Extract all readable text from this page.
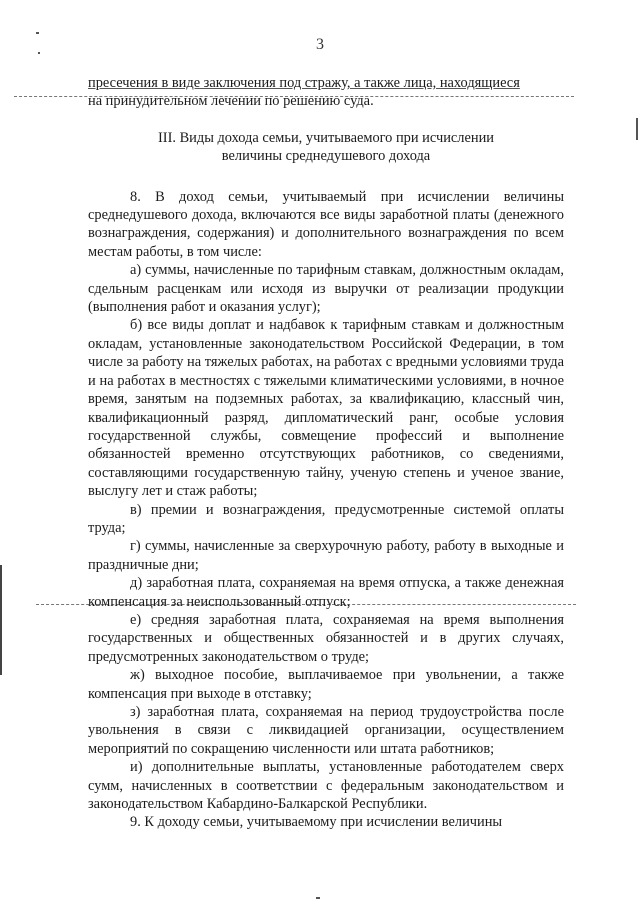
3

пресечения в виде заключения под стражу, а также лица, находящиеся

на принудительном лечении по решению суда.

III. Виды дохода семьи, учитываемого при исчислении
величины среднедушевого дохода

8. В доход семьи, учитываемый при исчислении величины среднедушевого дохода, включаются все виды заработной платы (денежного вознаграждения, содержания) и дополнительного вознаграждения по всем местам работы, в том числе:

а) суммы, начисленные по тарифным ставкам, должностным окладам, сдельным расценкам или исходя из выручки от реализации продукции (выполнения работ и оказания услуг);

б) все виды доплат и надбавок к тарифным ставкам и должностным окладам, установленные законодательством Российской Федерации, в том числе за работу на тяжелых работах, на работах с вредными условиями труда и на работах в местностях с тяжелыми климатическими условиями, в ночное время, занятым на подземных работах, за квалификацию, классный чин, квалификационный разряд, дипломатический ранг, особые условия государственной службы, совмещение профессий и выполнение обязанностей временно отсутствующих работников, со сведениями, составляющими государственную тайну, ученую степень и ученое звание, выслугу лет и стаж работы;

в) премии и вознаграждения, предусмотренные системой оплаты труда;

г) суммы, начисленные за сверхурочную работу, работу в выходные и праздничные дни;

д) заработная плата, сохраняемая на время отпуска, а также денежная компенсация за неиспользованный отпуск;

е) средняя заработная плата, сохраняемая на время выполнения государственных и общественных обязанностей и в других случаях, предусмотренных законодательством о труде;

ж) выходное пособие, выплачиваемое при увольнении, а также компенсация при выходе в отставку;

з) заработная плата, сохраняемая на период трудоустройства после увольнения в связи с ликвидацией организации, осуществлением мероприятий по сокращению численности или штата работников;

и) дополнительные выплаты, установленные работодателем сверх сумм, начисленных в соответствии с федеральным законодательством и законодательством Кабардино-Балкарской Республики.

9. К доходу семьи, учитываемому при исчислении величины
